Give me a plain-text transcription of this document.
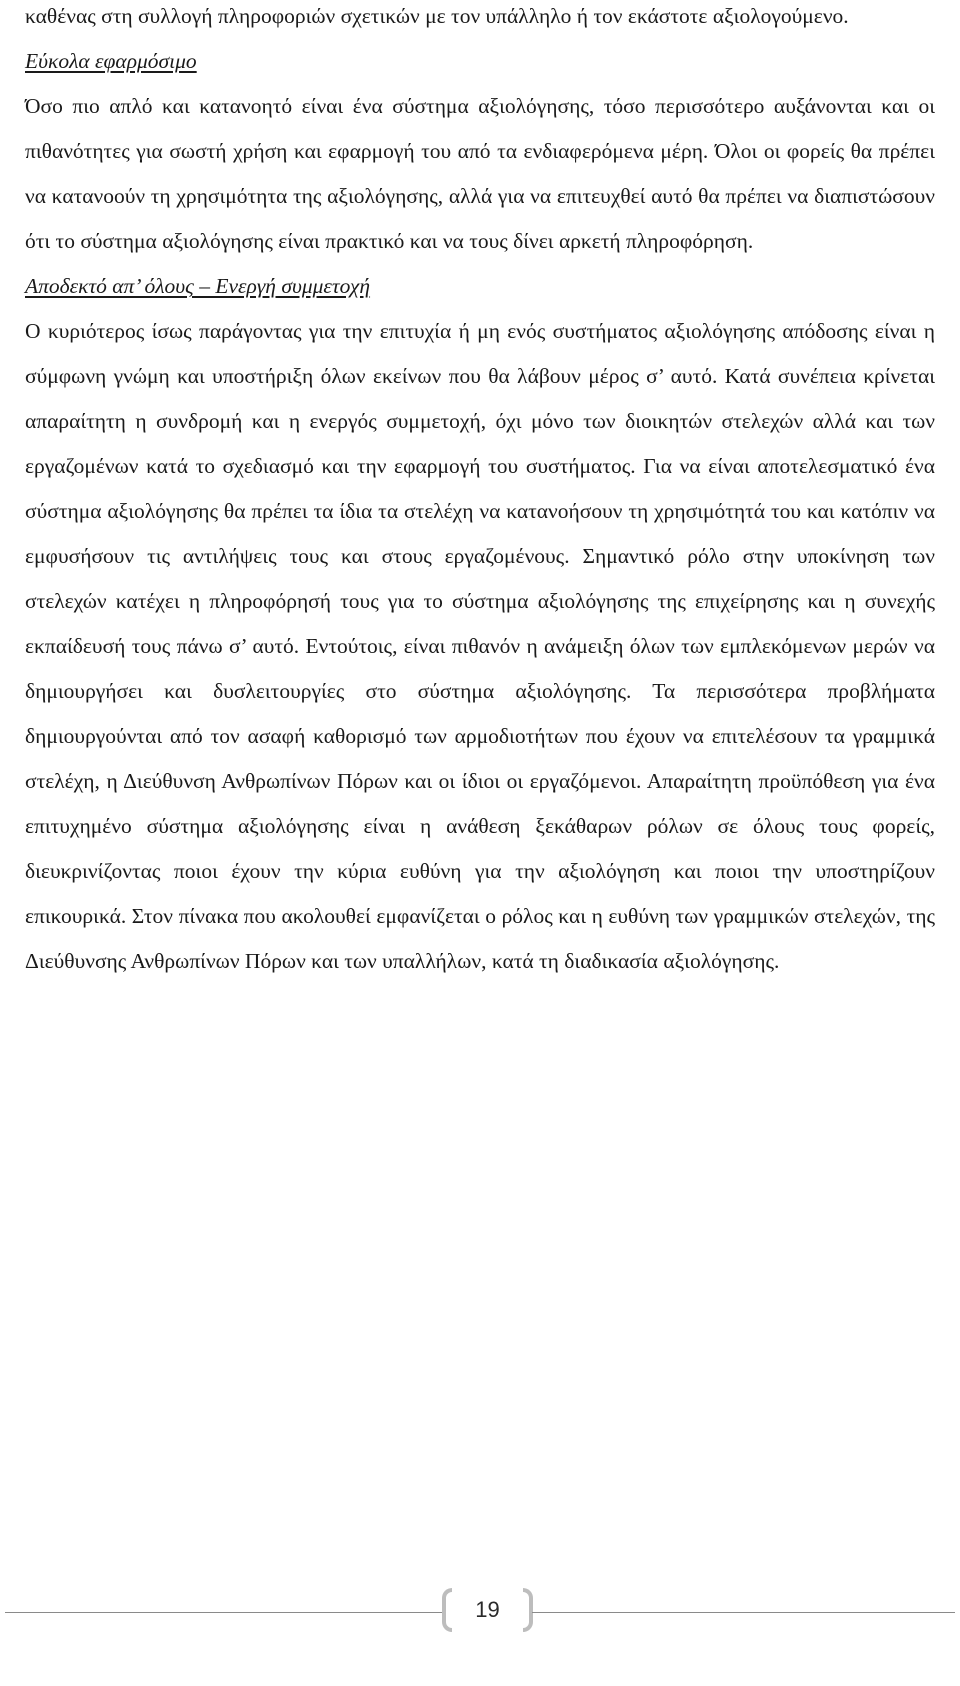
καθένας στη συλλογή πληροφοριών σχετικών με τον υπάλληλο ή τον εκάστοτε αξιολογούμενο.

Εύκολα εφαρμόσιμο

Όσο πιο απλό και κατανοητό είναι ένα σύστημα αξιολόγησης, τόσο περισσότερο αυξάνονται και οι πιθανότητες για σωστή χρήση και εφαρμογή του από τα ενδιαφερόμενα μέρη. Όλοι οι φορείς θα πρέπει να κατανοούν τη χρησιμότητα της αξιολόγησης, αλλά για να επιτευχθεί αυτό θα πρέπει να διαπιστώσουν ότι το σύστημα αξιολόγησης είναι πρακτικό και να τους δίνει αρκετή πληροφόρηση.

Αποδεκτό απ’ όλους – Ενεργή συμμετοχή

Ο κυριότερος ίσως παράγοντας για την επιτυχία ή μη ενός συστήματος αξιολόγησης απόδοσης είναι η σύμφωνη γνώμη και υποστήριξη όλων εκείνων που θα λάβουν μέρος σ’ αυτό. Κατά συνέπεια κρίνεται απαραίτητη η συνδρομή και η ενεργός συμμετοχή, όχι μόνο των διοικητών στελεχών αλλά και των εργαζομένων κατά το σχεδιασμό και την εφαρμογή του συστήματος. Για να είναι αποτελεσματικό ένα σύστημα αξιολόγησης θα πρέπει τα ίδια τα στελέχη να κατανοήσουν τη χρησιμότητά του και κατόπιν να εμφυσήσουν τις αντιλήψεις τους και στους εργαζομένους. Σημαντικό ρόλο στην υποκίνηση των στελεχών κατέχει η πληροφόρησή τους για το σύστημα αξιολόγησης της επιχείρησης και η συνεχής εκπαίδευσή τους πάνω σ’ αυτό. Εντούτοις, είναι πιθανόν η ανάμειξη όλων των εμπλεκόμενων μερών να δημιουργήσει και δυσλειτουργίες στο σύστημα αξιολόγησης. Τα περισσότερα προβλήματα δημιουργούνται από τον ασαφή καθορισμό των αρμοδιοτήτων που έχουν να επιτελέσουν τα γραμμικά στελέχη, η Διεύθυνση Ανθρωπίνων Πόρων και οι ίδιοι οι εργαζόμενοι. Απαραίτητη προϋπόθεση για ένα επιτυχημένο σύστημα αξιολόγησης είναι η ανάθεση ξεκάθαρων ρόλων σε όλους τους φορείς, διευκρινίζοντας ποιοι έχουν την κύρια ευθύνη για την αξιολόγηση και ποιοι την υποστηρίζουν επικουρικά. Στον πίνακα που ακολουθεί εμφανίζεται ο ρόλος και η ευθύνη των γραμμικών στελεχών, της Διεύθυνσης Ανθρωπίνων Πόρων και των υπαλλήλων, κατά τη διαδικασία αξιολόγησης.

19
